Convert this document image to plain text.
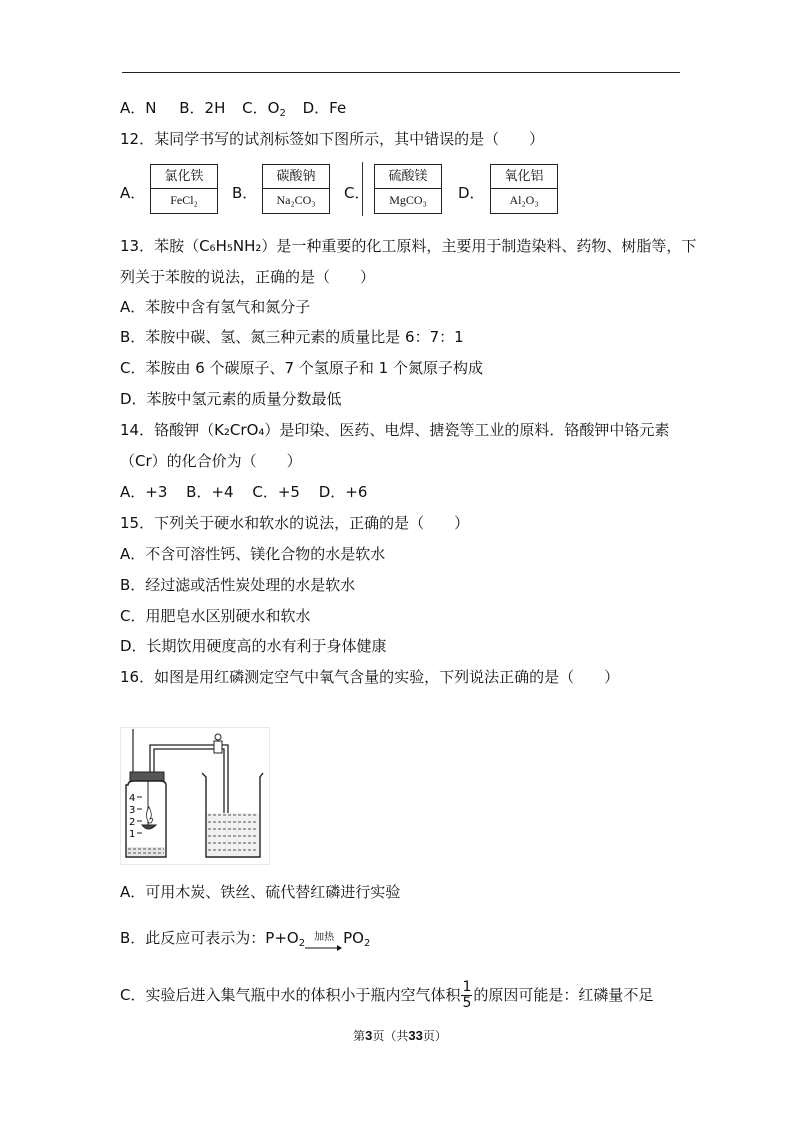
A．N B．2H C．$O_2$ D．Fe
12．某同学书写的试剂标签如下图所示，其中错误的是（　　）
A．
氯化铁
FeCl₂	B．
碳酸钠
Na₂CO₃	C．
硫酸镁
MgCO₃	D．
氧化铝
Al₂O₃
13．苯胺（C₆H₅NH₂）是一种重要的化工原料，主要用于制造染料、药物、树脂等，下
列关于苯胺的说法，正确的是（　　）
A．苯胺中含有氢气和氮分子
B．苯胺中碳、氢、氮三种元素的质量比是 6：7：1
C．苯胺由 6 个碳原子、7 个氢原子和 1 个氮原子构成
D．苯胺中氢元素的质量分数最低
14．铬酸钾（K₂CrO₄）是印染、医药、电焊、搪瓷等工业的原料．铬酸钾中铬元素
（Cr）的化合价为（　　）
A．+3 B．+4 C．+5 D．+6
15．下列关于硬水和软水的说法，正确的是（　　）
A．不含可溶性钙、镁化合物的水是软水
B．经过滤或活性炭处理的水是软水
C．用肥皂水区别硬水和软水
D．长期饮用硬度高的水有利于身体健康
16．如图是用红磷测定空气中氧气含量的实验，下列说法正确的是（　　）
4
3
2
1
A．可用木炭、铁丝、硫代替红磷进行实验
B．此反应可表示为：$P+O_2$
加热 $PO_2$
C．实验后进入集气瓶中水的体积小于瓶内空气体积 $\frac{1}{5}$ 的原因可能是：红磷量不足
第3页（共33页）
